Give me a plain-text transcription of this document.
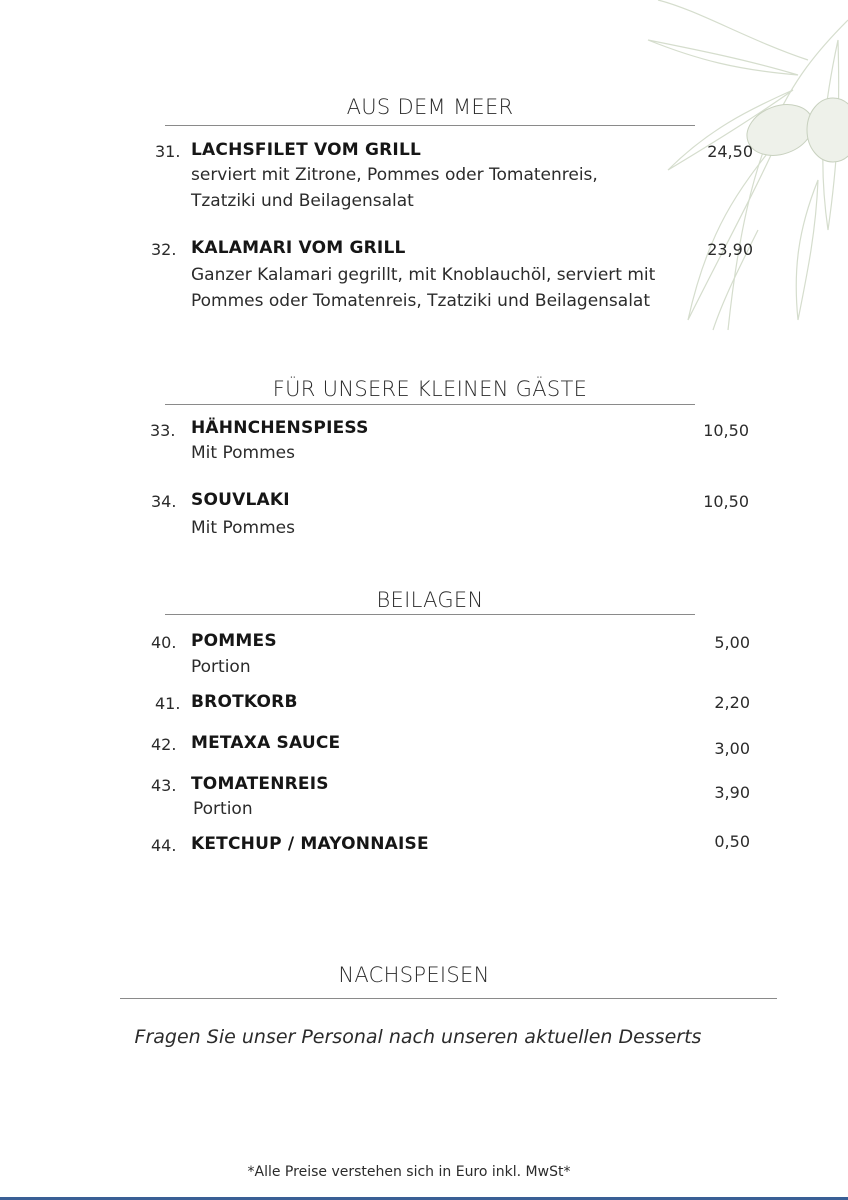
AUS DEM MEER
31. LACHSFILET VOM GRILL
serviert mit Zitrone, Pommes oder Tomatenreis,
Tzatziki und Beilagensalat
24,50
32. KALAMARI VOM GRILL
Ganzer Kalamari gegrillt, mit Knoblauchöl, serviert mit
Pommes oder Tomatenreis, Tzatziki und Beilagensalat
23,90
FÜR UNSERE KLEINEN GÄSTE
33. HÄHNCHENSPIESS
Mit Pommes
10,50
34. SOUVLAKI
Mit Pommes
10,50
BEILAGEN
40. POMMES
Portion
5,00
41. BROTKORB	2,20
42. METAXA SAUCE	3,00
43. TOMATENREIS
Portion
3,90
44. KETCHUP / MAYONNAISE	0,50
NACHSPEISEN
Fragen Sie unser Personal nach unseren aktuellen Desserts
*Alle Preise verstehen sich in Euro inkl. MwSt*
